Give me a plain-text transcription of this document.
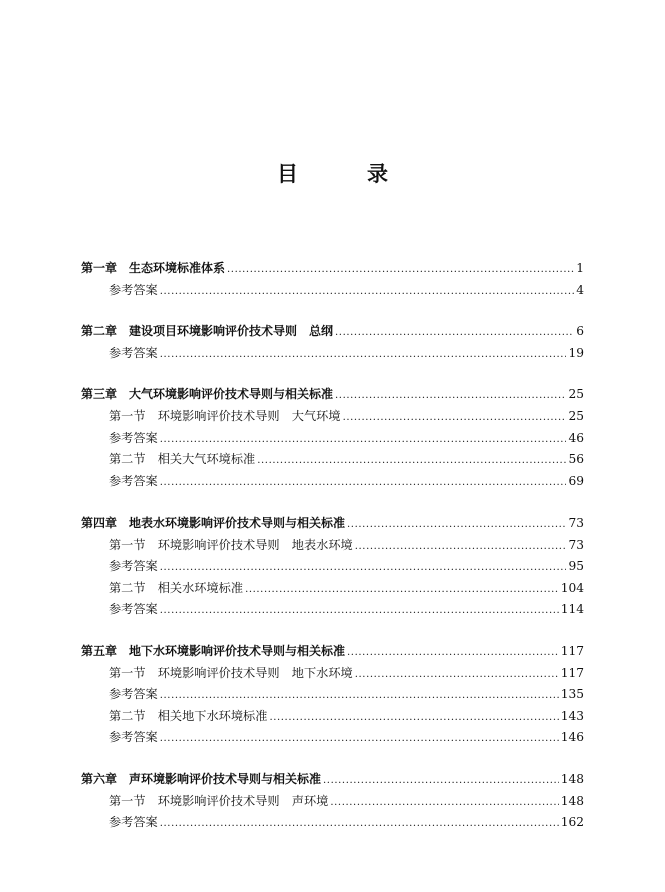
目　录
第一章　生态环境标准体系 .....	1
参考答案 .....	4
第二章　建设项目环境影响评价技术导则　总纲 .....	6
参考答案 .....	19
第三章　大气环境影响评价技术导则与相关标准 .....	25
第一节　环境影响评价技术导则　大气环境 .....	25
参考答案 .....	46
第二节　相关大气环境标准 .....	56
参考答案 .....	69
第四章　地表水环境影响评价技术导则与相关标准 .....	73
第一节　环境影响评价技术导则　地表水环境 .....	73
参考答案 .....	95
第二节　相关水环境标准 .....	104
参考答案 .....	114
第五章　地下水环境影响评价技术导则与相关标准 .....	117
第一节　环境影响评价技术导则　地下水环境 .....	117
参考答案 .....	135
第二节　相关地下水环境标准 .....	143
参考答案 .....	146
第六章　声环境影响评价技术导则与相关标准 .....	148
第一节　环境影响评价技术导则　声环境 .....	148
参考答案 .....	162
